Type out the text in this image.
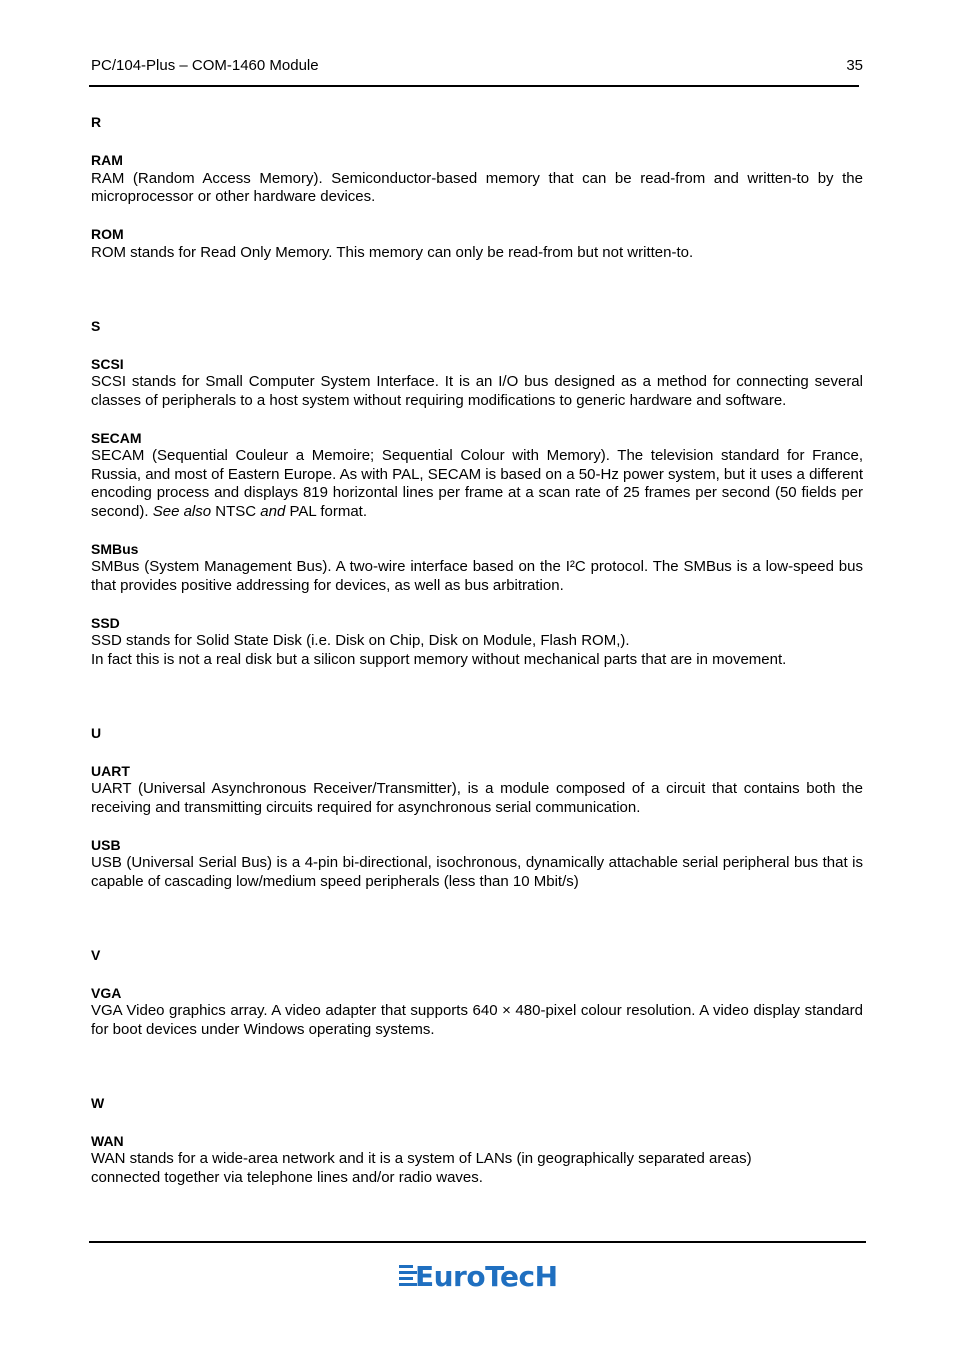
PC/104-Plus – COM-1460 Module	35
R
RAM
RAM (Random Access Memory). Semiconductor-based memory that can be read-from and written-to by the microprocessor or other hardware devices.
ROM
ROM stands for Read Only Memory. This memory can only be read-from but not written-to.
S
SCSI
SCSI stands for Small Computer System Interface. It is an I/O bus designed as a method for connecting several classes of peripherals to a host system without requiring modifications to generic hardware and software.
SECAM
SECAM (Sequential Couleur a Memoire; Sequential Colour with Memory). The television standard for France, Russia, and most of Eastern Europe. As with PAL, SECAM is based on a 50-Hz power system, but it uses a different encoding process and displays 819 horizontal lines per frame at a scan rate of 25 frames per second (50 fields per second). See also NTSC and PAL format.
SMBus
SMBus (System Management Bus). A two-wire interface based on the I²C protocol. The SMBus is a low-speed bus that provides positive addressing for devices, as well as bus arbitration.
SSD
SSD stands for Solid State Disk (i.e. Disk on Chip, Disk on Module, Flash ROM,).
In fact this is not a real disk but a silicon support memory without mechanical parts that are in movement.
U
UART
UART (Universal Asynchronous Receiver/Transmitter), is a module composed of a circuit that contains both the receiving and transmitting circuits required for asynchronous serial communication.
USB
USB (Universal Serial Bus) is a 4-pin bi-directional, isochronous, dynamically attachable serial peripheral bus that is capable of cascading low/medium speed peripherals (less than 10 Mbit/s)
V
VGA
VGA Video graphics array. A video adapter that supports 640 × 480-pixel colour resolution. A video display standard for boot devices under Windows operating systems.
W
WAN
WAN stands for a wide-area network and it is a system of LANs (in geographically separated areas)
connected together via telephone lines and/or radio waves.
EuroTecH
